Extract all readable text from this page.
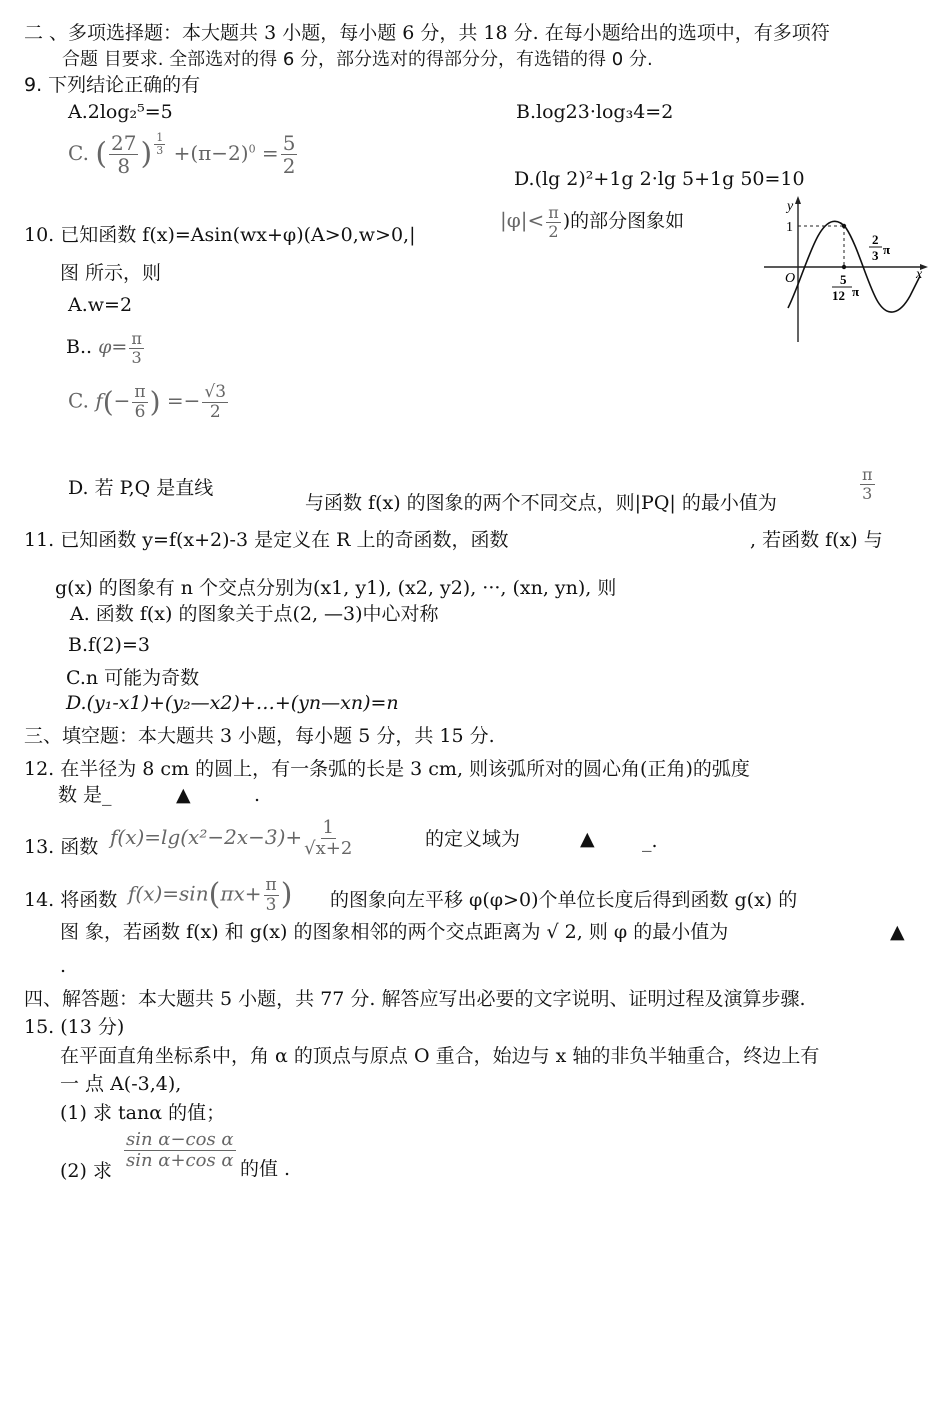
二 、多项选择题：本大题共 3 小题，每小题 6 分，共 18 分. 在每小题给出的选项中，有多项符
合题 目要求. 全部选对的得 6 分，部分选对的得部分分，有选错的得 0 分.
9. 下列结论正确的有
A.2log₂⁵=5	B.log23·log₃4=2
C. ( $\frac{27}{8}$ ) $\frac{1}{3} +(\pi-2)^0 = \frac{5}{2}$
D.(lg 2)²+1g 2·lg 5+1g 50=10
10. 已知函数 f(x)=Asin(wx+φ)(A>0,w>0,|
$|\varphi|< \frac{\pi}{2}$ )的部分图象如
图 所示，则
y
x
O
1
5
12 π
2
3 π
A.w=2
B.. $\varphi= \frac{\pi}{3}$
C. $f(- \frac{\pi}{6}$ ) =− $\frac{√3}{2}$
D. 若 P,Q 是直线
与函数 f(x) 的图象的两个不同交点，则|PQ| 的最小值为
$\frac{\pi}{3}$
11. 已知函数 y=f(x+2)-3 是定义在 R 上的奇函数，函数	, 若函数 f(x) 与
g(x) 的图象有 n 个交点分别为(x1, y1), (x2, y2), ···, (xn, yn), 则
A. 函数 f(x) 的图象关于点(2, —3)中心对称
B.f(2)=3
C.n 可能为奇数
D.(y₁-x1)+(y₂—x2)+…+(yn—xn)=n
三、填空题：本大题共 3 小题，每小题 5 分，共 15 分.
12. 在半径为 8 cm 的圆上，有一条弧的长是 3 cm, 则该弧所对的圆心角(正角)的弧度
数 是_	▲	.
13. 函数 $f(x)=\lg(x^2-2x-3)+ \frac{1}{√x+2}$	的定义域为	▲ _.
14. 将函数 $f(x)=\sin(\pi x+ \frac{\pi}{3}$ ) 的图象向左平移 φ(φ>0)个单位长度后得到函数 g(x) 的
图 象，若函数 f(x) 和 g(x) 的图象相邻的两个交点距离为 √ 2, 则 φ 的最小值为	▲
.
四、解答题：本大题共 5 小题，共 77 分. 解答应写出必要的文字说明、证明过程及演算步骤.
15. (13 分)
在平面直角坐标系中，角 α 的顶点与原点 O 重合，始边与 x 轴的非负半轴重合，终边上有
一 点 A(-3,4),
(1) 求 tanα 的值；
(2) 求
$\frac{\text{sin α−cos α}}{\text{sin α+cos α}}$ 的值 .
